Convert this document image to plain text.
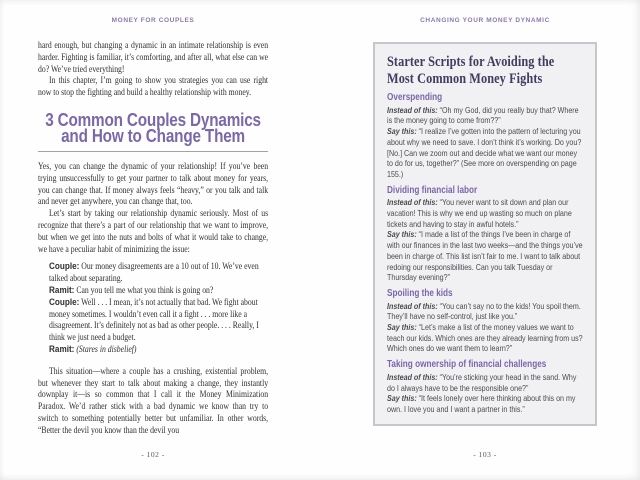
MONEY FOR COUPLES

hard enough, but changing a dynamic in an intimate relationship is even harder. Fighting is familiar, it’s comforting, and after all, what else can we do? We’ve tried everything!

In this chapter, I’m going to show you strategies you can use right now to stop the fighting and build a healthy relationship with money.

3 Common Couples Dynamics
and How to Change Them

Yes, you can change the dynamic of your relationship! If you’ve been trying unsuccessfully to get your partner to talk about money for years, you can change that. If money always feels “heavy,” or you talk and talk and never get anywhere, you can change that, too.

Let’s start by taking our relationship dynamic seriously. Most of us recognize that there’s a part of our relationship that we want to improve, but when we get into the nuts and bolts of what it would take to change, we have a peculiar habit of minimizing the issue:

Couple: Our money disagreements are a 10 out of 10. We’ve even talked about separating.

Ramit: Can you tell me what you think is going on?

Couple: Well . . . I mean, it’s not actually that bad. We fight about money sometimes. I wouldn’t even call it a fight . . . more like a disagreement. It’s definitely not as bad as other people. . . . Really, I think we just need a budget.

Ramit: (Stares in disbelief)

This situation—where a couple has a crushing, existential problem, but whenever they start to talk about making a change, they instantly downplay it—is so common that I call it the Money Minimization Paradox. We’d rather stick with a bad dynamic we know than try to switch to something potentially better but unfamiliar. In other words, “Better the devil you know than the devil you

- 102 -
CHANGING YOUR MONEY DYNAMIC
Starter Scripts for Avoiding the
Most Common Money Fights
Overspending

Instead of this: “Oh my God, did you really buy that? Where is the money going to come from??”

Say this: “I realize I’ve gotten into the pattern of lecturing you about why we need to save. I don’t think it’s working. Do you? [No.] Can we zoom out and decide what we want our money to do for us, together?” (See more on overspending on page 155.)

Dividing financial labor

Instead of this: “You never want to sit down and plan our vacation! This is why we end up wasting so much on plane tickets and having to stay in awful hotels.”

Say this: “I made a list of the things I’ve been in charge of with our finances in the last two weeks—and the things you’ve been in charge of. This list isn’t fair to me. I want to talk about redoing our responsibilities. Can you talk Tuesday or Thursday evening?”

Spoiling the kids

Instead of this: “You can’t say no to the kids! You spoil them. They’ll have no self-control, just like you.”

Say this: “Let’s make a list of the money values we want to teach our kids. Which ones are they already learning from us? Which ones do we want them to learn?”

Taking ownership of financial challenges

Instead of this: “You’re sticking your head in the sand. Why do I always have to be the responsible one?”

Say this: “It feels lonely over here thinking about this on my own. I love you and I want a partner in this.”

- 103 -
